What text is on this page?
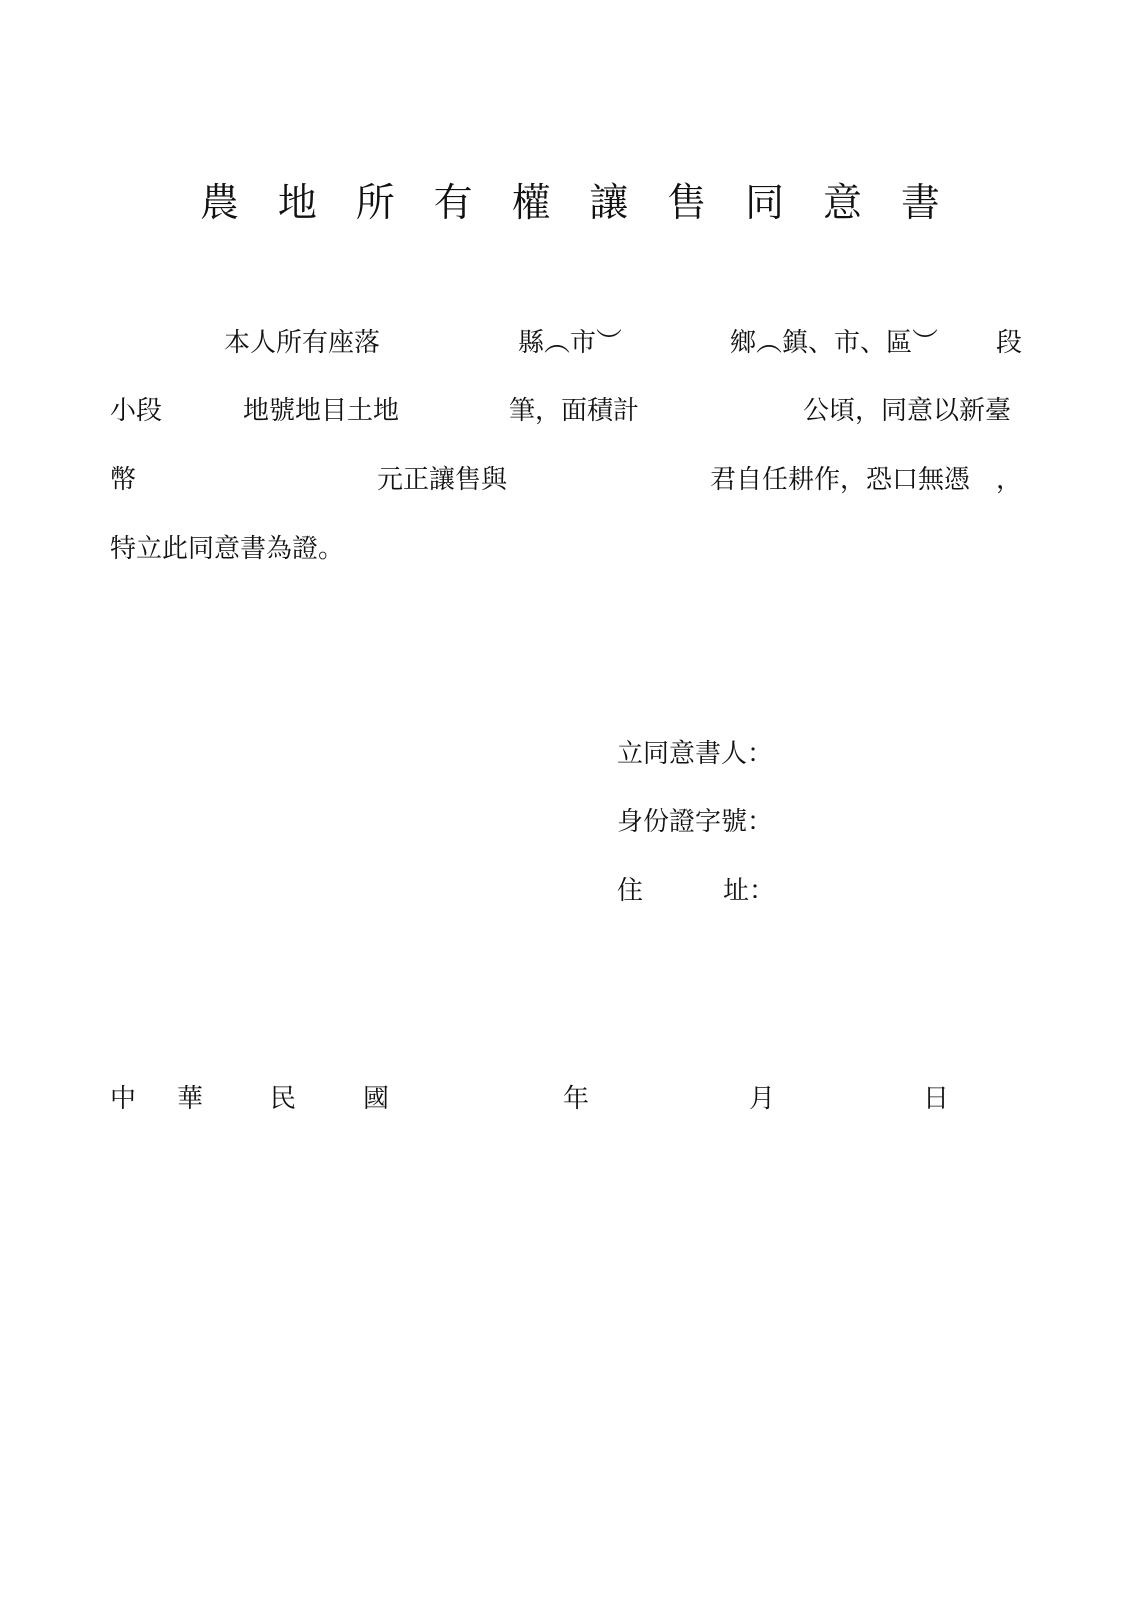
農 地 所 有 權 讓 售 同 意 書
本人所有座落	縣︵市︶	鄉︵鎮、市、區︶ 段
小段	地號地目土地	筆，面積計	公頃，同意以新臺
幣	元正讓售與	君自任耕作，恐口無憑 ，
特立此同意書為證。
立同意書人：
身份證字號：
住	址：
中 華	民	國	年	月	日
